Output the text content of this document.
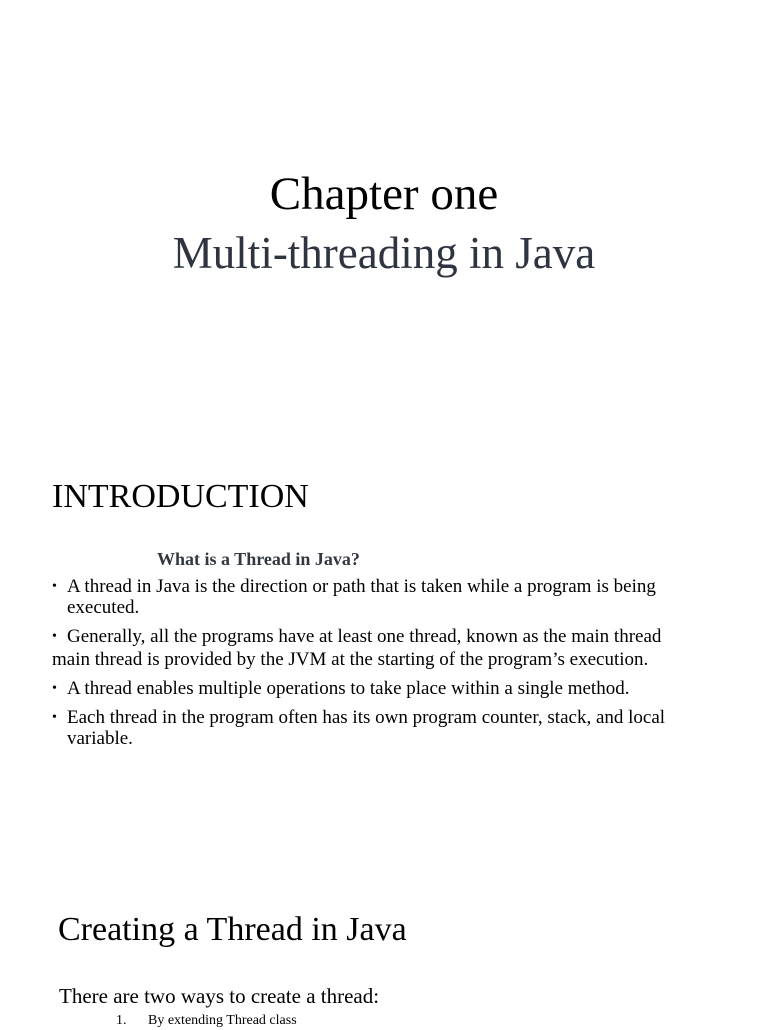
Chapter one
Multi-threading in Java
INTRODUCTION
What is a Thread in Java?
• A thread in Java is the direction or path that is taken while a program is being executed.
• Generally, all the programs have at least one thread, known as the main thread
main thread is provided by the JVM at the starting of the program’s execution.
• A thread enables multiple operations to take place within a single method.
• Each thread in the program often has its own program counter, stack, and local variable.
Creating a Thread in Java
There are two ways to create a thread:
1. By extending Thread class
